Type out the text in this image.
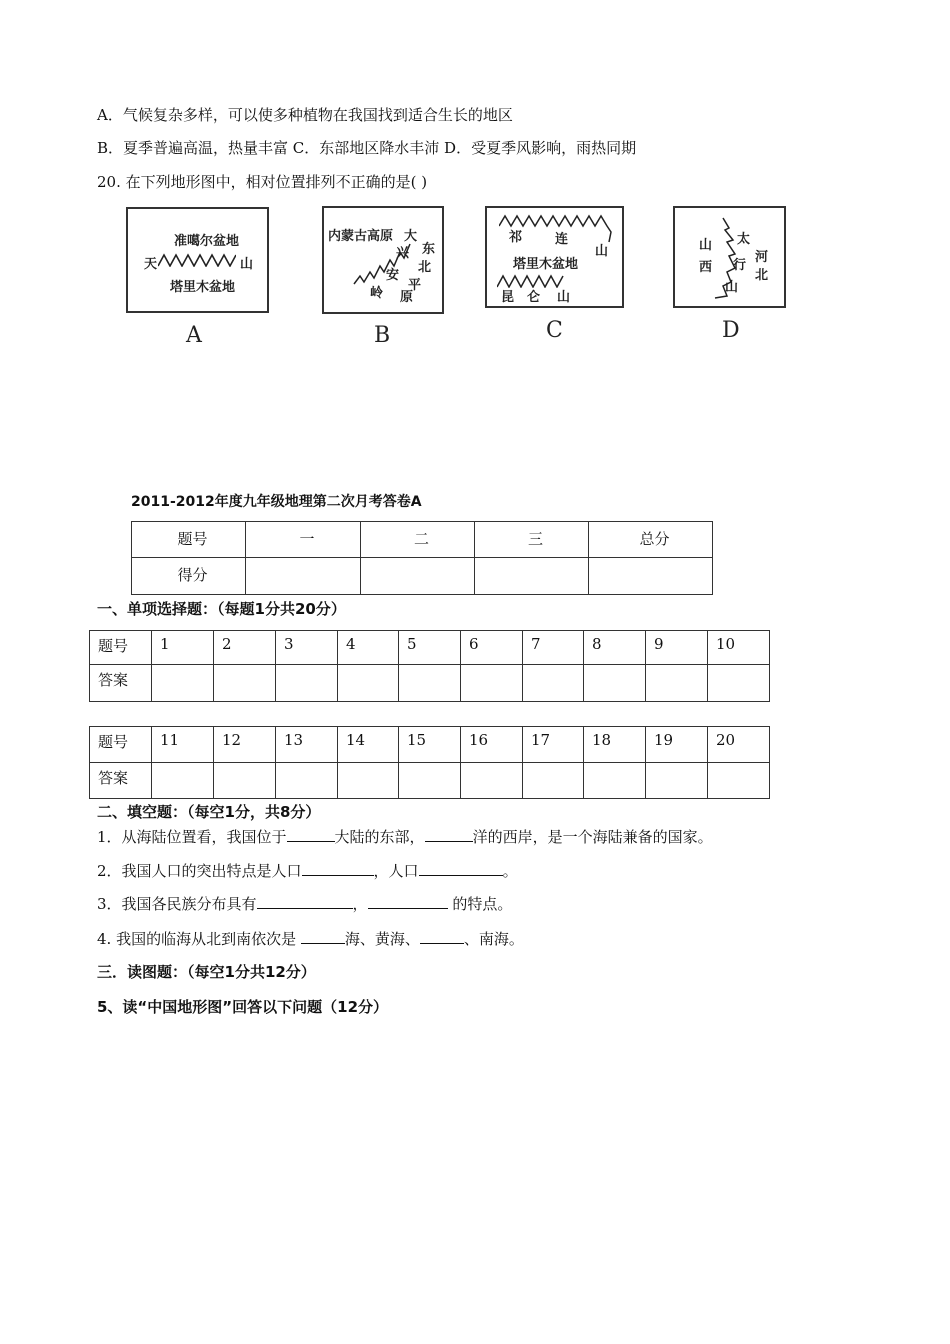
A．气候复杂多样，可以使多种植物在我国找到适合生长的地区
B．夏季普遍高温，热量丰富 C．东部地区降水丰沛 D．受夏季风影响，雨热同期
20. 在下列地形图中，相对位置排列不正确的是( )
准噶尔盆地
天	山
塔里木盆地
A
内蒙古高原 大
兴
安
岭
东
北
平
原
B
祁	连
山
塔里木盆地
昆 仑 山
C
山
西
太
行
山
河
北
D
2011-2012年度九年级地理第二次月考答卷A
题号	一	二	三	总分
得分				
一、单项选择题：（每题1分共20分）
题号	1	2	3	4	5	6	7	8	9	10
答案										
题号	11	12	13	14	15	16	17	18	19	20
答案										
二、填空题：（每空1分，共8分）
1．从海陆位置看，我国位于	大陆的东部，	洋的西岸，是一个海陆兼备的国家。
2．我国人口的突出特点是人口	，人口	。
3．我国各民族分布具有	，	的特点。
4. 我国的临海从北到南依次是	海、黄海、	、南海。
三．读图题：（每空1分共12分）
5、读“中国地形图”回答以下问题（12分）
